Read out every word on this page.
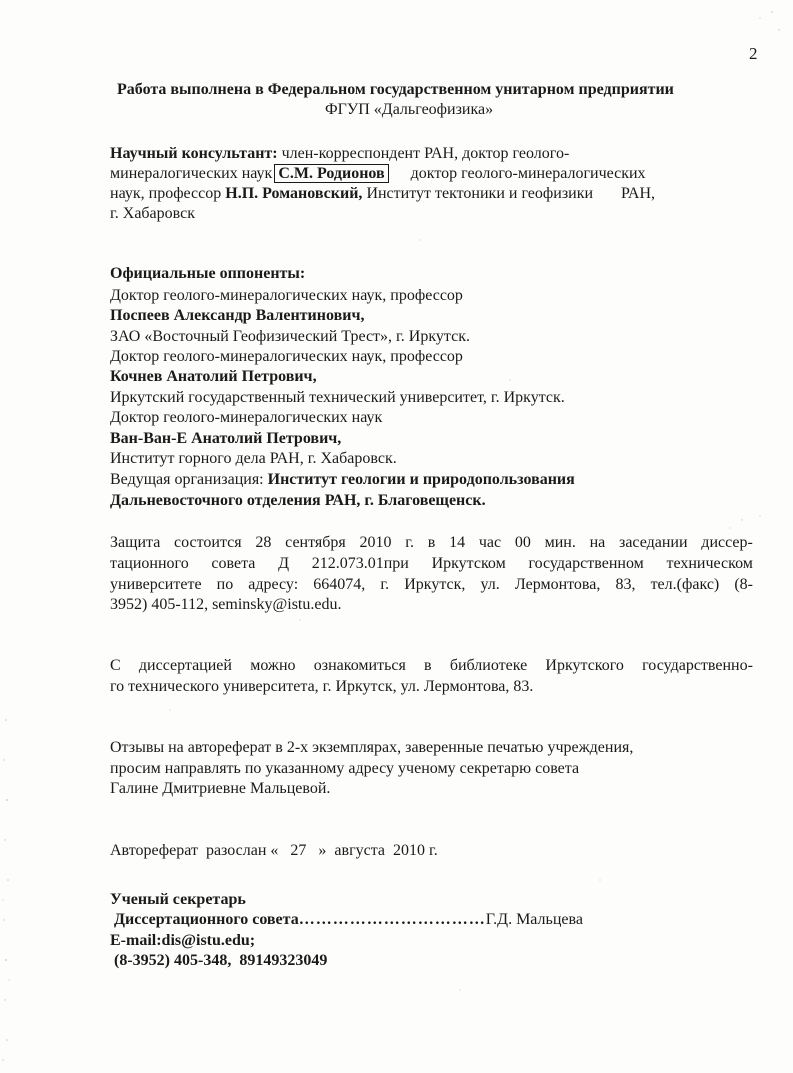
2
Работа выполнена в Федеральном государственном унитарном предприятии
ФГУП «Дальгеофизика»
Научный консультант: член-корреспондент РАН, доктор геолого-
минералогических наук С.М. Родионов доктор геолого-минералогических
наук, профессор Н.П. Романовский, Институт тектоники и геофизики РАН,
г. Хабаровск
Официальные оппоненты:
Доктор геолого-минералогических наук, профессор
Поспеев Александр Валентинович,
ЗАО «Восточный Геофизический Трест», г. Иркутск.
Доктор геолого-минералогических наук, профессор
Кочнев Анатолий Петрович,
Иркутский государственный технический университет, г. Иркутск.
Доктор геолого-минералогических наук
Ван-Ван-Е Анатолий Петрович,
Институт горного дела РАН, г. Хабаровск.
Ведущая организация: Институт геологии и природопользования
Дальневосточного отделения РАН, г. Благовещенск.
Защита состоится 28 сентября 2010 г. в 14 час 00 мин. на заседании диссер-
тационного совета Д 212.073.01при Иркутском государственном техническом
университете по адресу: 664074, г. Иркутск, ул. Лермонтова, 83, тел.(факс) (8-
3952) 405-112, seminsky@istu.edu.
С диссертацией можно ознакомиться в библиотеке Иркутского государственно-
го технического университета, г. Иркутск, ул. Лермонтова, 83.
Отзывы на автореферат в 2-х экземплярах, заверенные печатью учреждения,
просим направлять по указанному адресу ученому секретарю совета
Галине Дмитриевне Мальцевой.
Автореферат  разослан « 27 »  августа  2010 г.
Ученый секретарь
Диссертационного совета……………………………Г.Д. Мальцева
E-mail:dis@istu.edu;
(8-3952) 405-348,  89149323049
